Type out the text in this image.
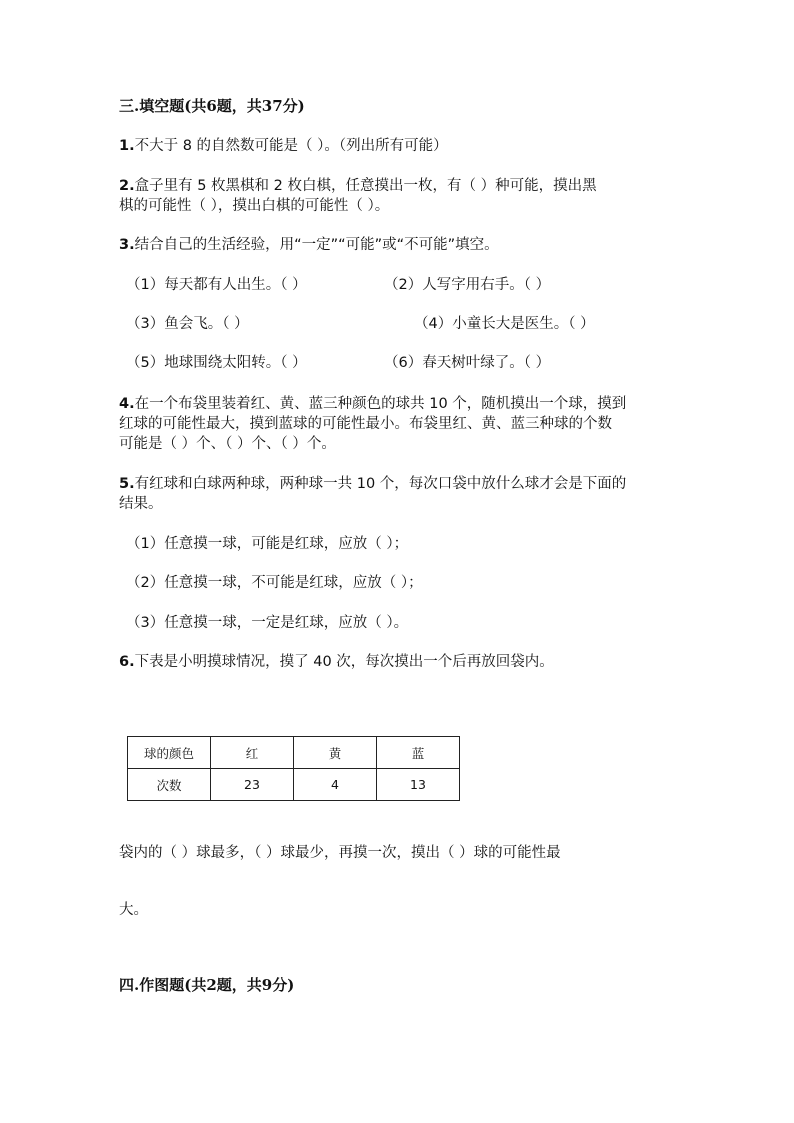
三.填空题(共6题，共37分)
1.不大于 8 的自然数可能是（ ）。（列出所有可能）
2.盒子里有 5 枚黑棋和 2 枚白棋，任意摸出一枚，有（ ）种可能，摸出黑
棋的可能性（ ），摸出白棋的可能性（ ）。
3.结合自己的生活经验，用“一定”“可能”或“不可能”填空。
（1）每天都有人出生。（ ）	（2）人写字用右手。（ ）
（3）鱼会飞。（ ）	（4）小童长大是医生。（ ）
（5）地球围绕太阳转。（ ）	（6）春天树叶绿了。（ ）
4.在一个布袋里装着红、黄、蓝三种颜色的球共 10 个，随机摸出一个球，摸到
红球的可能性最大，摸到蓝球的可能性最小。布袋里红、黄、蓝三种球的个数
可能是（ ）个、（ ）个、（ ）个。
5.有红球和白球两种球，两种球一共 10 个，每次口袋中放什么球才会是下面的
结果。
（1）任意摸一球，可能是红球，应放（ ）；
（2）任意摸一球，不可能是红球，应放（ ）；
（3）任意摸一球，一定是红球，应放（ ）。
6.下表是小明摸球情况，摸了 40 次，每次摸出一个后再放回袋内。
球的颜色	红	黄	蓝
次数	23	4	13
袋内的（ ）球最多，（ ）球最少，再摸一次，摸出（ ）球的可能性最
大。
四.作图题(共2题，共9分)
